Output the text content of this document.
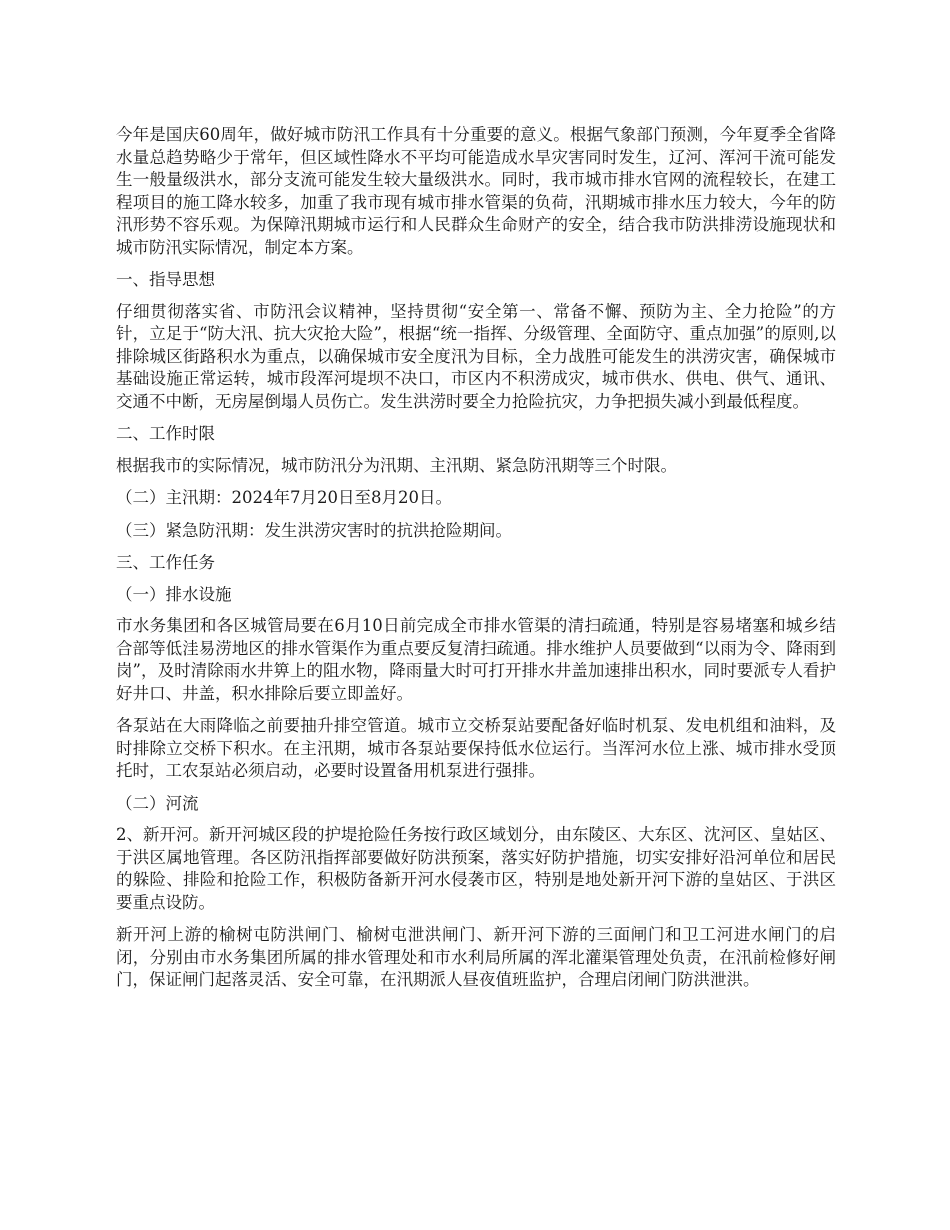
今年是国庆60周年，做好城市防汛工作具有十分重要的意义。根据气象部门预测，今年夏季全省降水量总趋势略少于常年，但区域性降水不平均可能造成水旱灾害同时发生，辽河、浑河干流可能发生一般量级洪水，部分支流可能发生较大量级洪水。同时，我市城市排水官网的流程较长，在建工程项目的施工降水较多，加重了我市现有城市排水管渠的负荷，汛期城市排水压力较大，今年的防汛形势不容乐观。为保障汛期城市运行和人民群众生命财产的安全，结合我市防洪排涝设施现状和城市防汛实际情况，制定本方案。

一、指导思想

仔细贯彻落实省、市防汛会议精神，坚持贯彻“安全第一、常备不懈、预防为主、全力抢险”的方针，立足于“防大汛、抗大灾抢大险”，根据“统一指挥、分级管理、全面防守、重点加强”的原则,以排除城区街路积水为重点，以确保城市安全度汛为目标，全力战胜可能发生的洪涝灾害，确保城市基础设施正常运转，城市段浑河堤坝不决口，市区内不积涝成灾，城市供水、供电、供气、通讯、交通不中断，无房屋倒塌人员伤亡。发生洪涝时要全力抢险抗灾，力争把损失减小到最低程度。

二、工作时限

根据我市的实际情况，城市防汛分为汛期、主汛期、紧急防汛期等三个时限。

（二）主汛期：2024年7月20日至8月20日。

（三）紧急防汛期：发生洪涝灾害时的抗洪抢险期间。

三、工作任务

（一）排水设施

市水务集团和各区城管局要在6月10日前完成全市排水管渠的清扫疏通，特别是容易堵塞和城乡结合部等低洼易涝地区的排水管渠作为重点要反复清扫疏通。排水维护人员要做到“以雨为令、降雨到岗”，及时清除雨水井箅上的阻水物，降雨量大时可打开排水井盖加速排出积水，同时要派专人看护好井口、井盖，积水排除后要立即盖好。

各泵站在大雨降临之前要抽升排空管道。城市立交桥泵站要配备好临时机泵、发电机组和油料，及时排除立交桥下积水。在主汛期，城市各泵站要保持低水位运行。当浑河水位上涨、城市排水受顶托时，工农泵站必须启动，必要时设置备用机泵进行强排。

（二）河流

2、新开河。新开河城区段的护堤抢险任务按行政区域划分，由东陵区、大东区、沈河区、皇姑区、于洪区属地管理。各区防汛指挥部要做好防洪预案，落实好防护措施，切实安排好沿河单位和居民的躲险、排险和抢险工作，积极防备新开河水侵袭市区，特别是地处新开河下游的皇姑区、于洪区要重点设防。

新开河上游的榆树屯防洪闸门、榆树屯泄洪闸门、新开河下游的三面闸门和卫工河进水闸门的启闭，分别由市水务集团所属的排水管理处和市水利局所属的浑北灌渠管理处负责，在汛前检修好闸门，保证闸门起落灵活、安全可靠，在汛期派人昼夜值班监护，合理启闭闸门防洪泄洪。
